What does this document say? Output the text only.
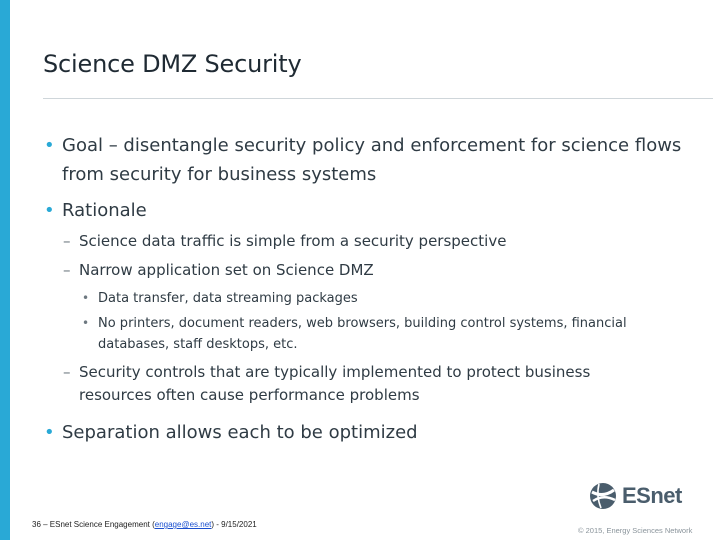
Science DMZ Security
• Goal – disentangle security policy and enforcement for science flows from security for business systems
• Rationale
– Science data traffic is simple from a security perspective
– Narrow application set on Science DMZ
• Data transfer, data streaming packages
• No printers, document readers, web browsers, building control systems, financial databases, staff desktops, etc.
– Security controls that are typically implemented to protect business resources often cause performance problems
• Separation allows each to be optimized
36 – ESnet Science Engagement (engage@es.net) - 9/15/2021
ESnet
© 2015, Energy Sciences Network
